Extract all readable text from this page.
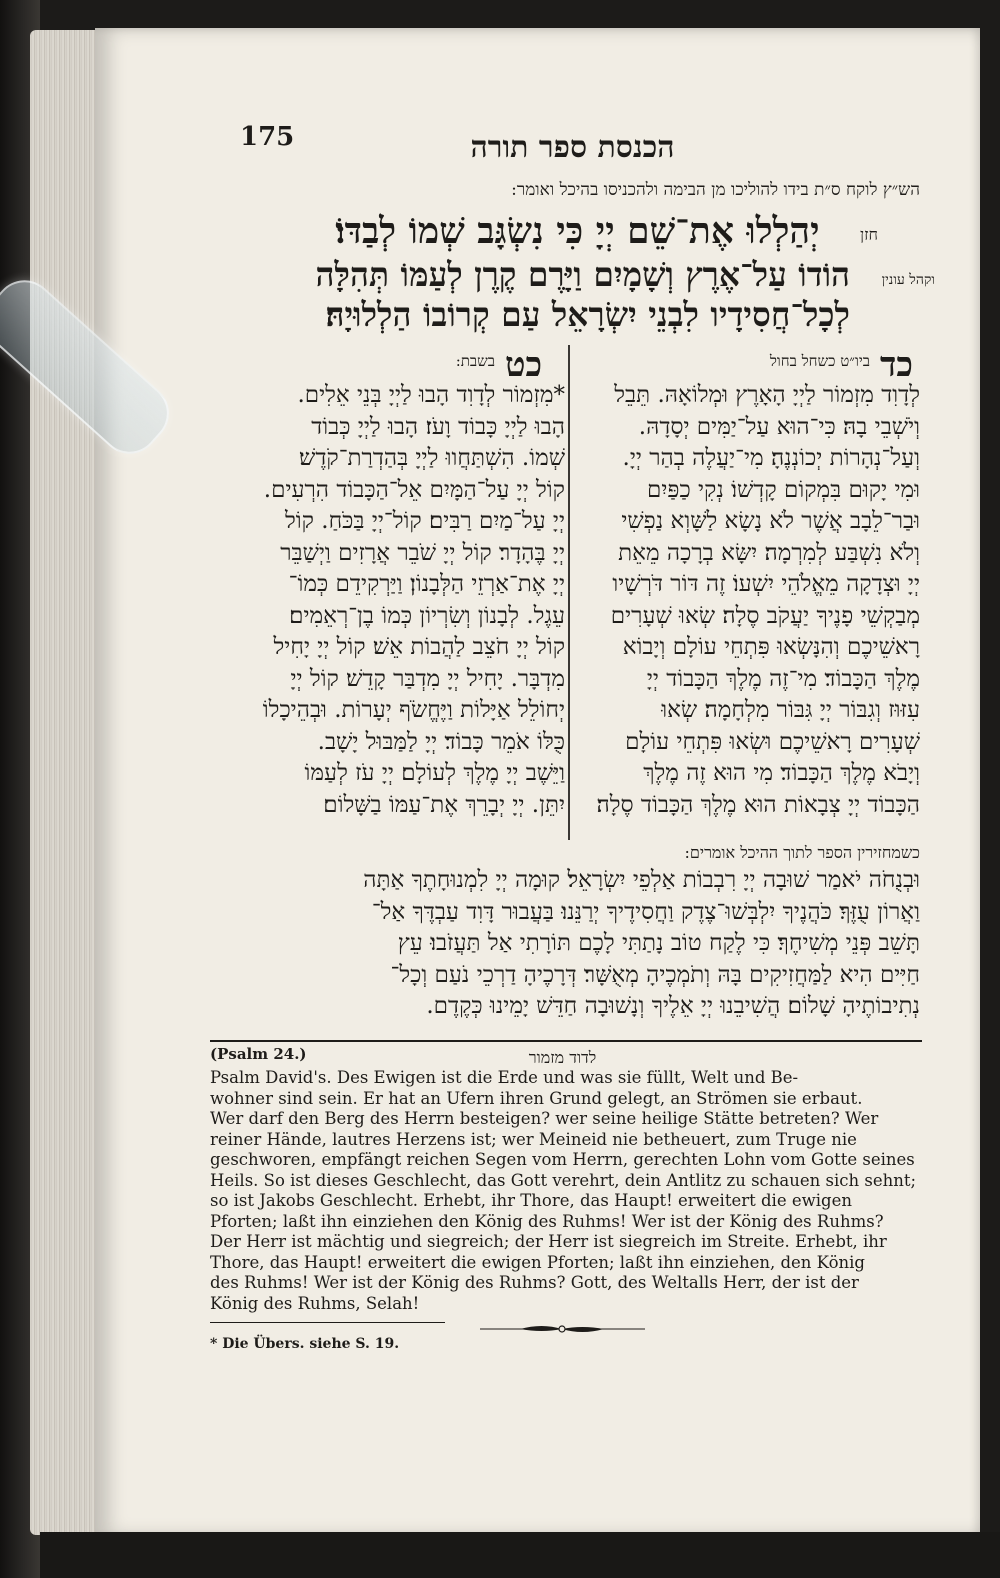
175	הכנסת ספר תורה
הש״ץ לוקח ס״ת בידו להוליכו מן הבימה ולהכניסו בהיכל ואומר:
חזן
יְהַלְלוּ אֶת־שֵׁם יְיָ כִּי נִשְׂגָּב שְׁמוֹ לְבַדּוֹ׃
וקהל עונין
הוֹדוֹ עַל־אֶרֶץ וְשָׁמָיִם וַיָּרֶם קֶרֶן לְעַמּוֹ תְּהִלָּה
לְכָל־חֲסִידָיו לִבְנֵי יִשְׂרָאֵל עַם קְרוֹבוֹ הַלְלוּיָהּ׃
כד
ביו״ט כשחל בחול
כט
בשבת:

לְדָוִד מִזְמוֹר לַיְיָ הָאָרֶץ וּמְלוֹאָהּ. תֵּבֵל

וְיֹשְׁבֵי בָהּ׃ כִּי־הוּא עַל־יַמִּים יְסָדָהּ.

וְעַל־נְהָרוֹת יְכוֹנְנֶהָ׃ מִי־יַעֲלֶה בְהַר יְיָ.

וּמִי יָקוּם בִּמְקוֹם קָדְשׁוֹ׃ נְקִי כַפַּיִם

וּבַר־לֵבָב אֲשֶׁר לֹא נָשָׂא לַשָּׁוְא נַפְשִׁי

וְלֹא נִשְׁבַּע לְמִרְמָה׃ יִשָּׂא בְרָכָה מֵאֵת

יְיָ וּצְדָקָה מֵאֱלֹהֵי יִשְׁעוֹ׃ זֶה דּוֹר דֹּרְשָׁיו

מְבַקְשֵׁי פָנֶיךָ יַעֲקֹב סֶלָה׃ שְׂאוּ שְׁעָרִים

רָאשֵׁיכֶם וְהִנָּשְׂאוּ פִּתְחֵי עוֹלָם וְיָבוֹא

מֶלֶךְ הַכָּבוֹד׃ מִי־זֶה מֶלֶךְ הַכָּבוֹד יְיָ

עִזּוּז וְגִבּוֹר יְיָ גִּבּוֹר מִלְחָמָה׃ שְׂאוּ

שְׁעָרִים רָאשֵׁיכֶם וּשְׂאוּ פִּתְחֵי עוֹלָם

וְיָבֹא מֶלֶךְ הַכָּבוֹד׃ מִי הוּא זֶה מֶלֶךְ

הַכָּבוֹד יְיָ צְבָאוֹת הוּא מֶלֶךְ הַכָּבוֹד סֶלָה׃

*מִזְמוֹר לְדָוִד הָבוּ לַיְיָ בְּנֵי אֵלִים.

הָבוּ לַיְיָ כָּבוֹד וָעֹז׃ הָבוּ לַיְיָ כְּבוֹד

שְׁמוֹ. הִשְׁתַּחֲווּ לַיְיָ בְּהַדְרַת־קֹדֶשׁ׃

קוֹל יְיָ עַל־הַמָּיִם אֵל־הַכָּבוֹד הִרְעִים.

יְיָ עַל־מַיִם רַבִּים׃ קוֹל־יְיָ בַּכֹּחַ. קוֹל

יְיָ בֶּהָדָר׃ קוֹל יְיָ שֹׁבֵר אֲרָזִים וַיְשַׁבֵּר

יְיָ אֶת־אַרְזֵי הַלְּבָנוֹן׃ וַיַּרְקִידֵם כְּמוֹ־

עֵגֶל. לְבָנוֹן וְשִׂרְיוֹן כְּמוֹ בֶן־רְאֵמִים׃

קוֹל יְיָ חֹצֵב לַהֲבוֹת אֵשׁ׃ קוֹל יְיָ יָחִיל

מִדְבָּר. יָחִיל יְיָ מִדְבַּר קָדֵשׁ׃ קוֹל יְיָ

יְחוֹלֵל אַיָּלוֹת וַיֶּחֱשֹׂף יְעָרוֹת. וּבְהֵיכָלוֹ

כֻּלּוֹ אֹמֵר כָּבוֹד׃ יְיָ לַמַּבּוּל יָשָׁב.

וַיֵּשֶׁב יְיָ מֶלֶךְ לְעוֹלָם׃ יְיָ עֹז לְעַמּוֹ

יִתֵּן. יְיָ יְבָרֵךְ אֶת־עַמּוֹ בַשָּׁלוֹם׃

כשמחזירין הספר לתוך ההיכל אומרים:

וּבְנֻחֹה יֹאמַר שׁוּבָה יְיָ רִבְבוֹת אַלְפֵי יִשְׂרָאֵל׃ קוּמָה יְיָ לִמְנוּחָתֶךָ אַתָּה

וַאֲרוֹן עֻזֶּךָ׃ כֹּהֲנֶיךָ יִלְבְּשׁוּ־צֶדֶק וַחֲסִידֶיךָ יְרַנֵּנוּ׃ בַּעֲבוּר דָּוִד עַבְדֶּךָ אַל־

תָּשֵׁב פְּנֵי מְשִׁיחֶךָ׃ כִּי לֶקַח טוֹב נָתַתִּי לָכֶם תּוֹרָתִי אַל תַּעֲזֹבוּ׃ עֵץ

חַיִּים הִיא לַמַּחֲזִיקִים בָּהּ וְתֹמְכֶיהָ מְאֻשָּׁר׃ דְּרָכֶיהָ דַרְכֵי נֹעַם וְכָל־

נְתִיבוֹתֶיהָ שָׁלוֹם׃ הֲשִׁיבֵנוּ יְיָ אֵלֶיךָ וְנָשׁוּבָה חַדֵּשׁ יָמֵינוּ כְּקֶדֶם.

(Psalm 24.)	לדוד מזמור

Psalm David's. Des Ewigen ist die Erde und was sie füllt, Welt und Be-

wohner sind sein. Er hat an Ufern ihren Grund gelegt, an Strömen sie erbaut.

Wer darf den Berg des Herrn besteigen? wer seine heilige Stätte betreten? Wer

reiner Hände, lautres Herzens ist; wer Meineid nie betheuert, zum Truge nie

geschworen, empfängt reichen Segen vom Herrn, gerechten Lohn vom Gotte seines

Heils. So ist dieses Geschlecht, das Gott verehrt, dein Antlitz zu schauen sich sehnt;

so ist Jakobs Geschlecht. Erhebt, ihr Thore, das Haupt! erweitert die ewigen

Pforten; laßt ihn einziehen den König des Ruhms! Wer ist der König des Ruhms?

Der Herr ist mächtig und siegreich; der Herr ist siegreich im Streite. Erhebt, ihr

Thore, das Haupt! erweitert die ewigen Pforten; laßt ihn einziehen, den König

des Ruhms! Wer ist der König des Ruhms? Gott, des Weltalls Herr, der ist der

König des Ruhms, Selah!

* Die Übers. siehe S. 19.
